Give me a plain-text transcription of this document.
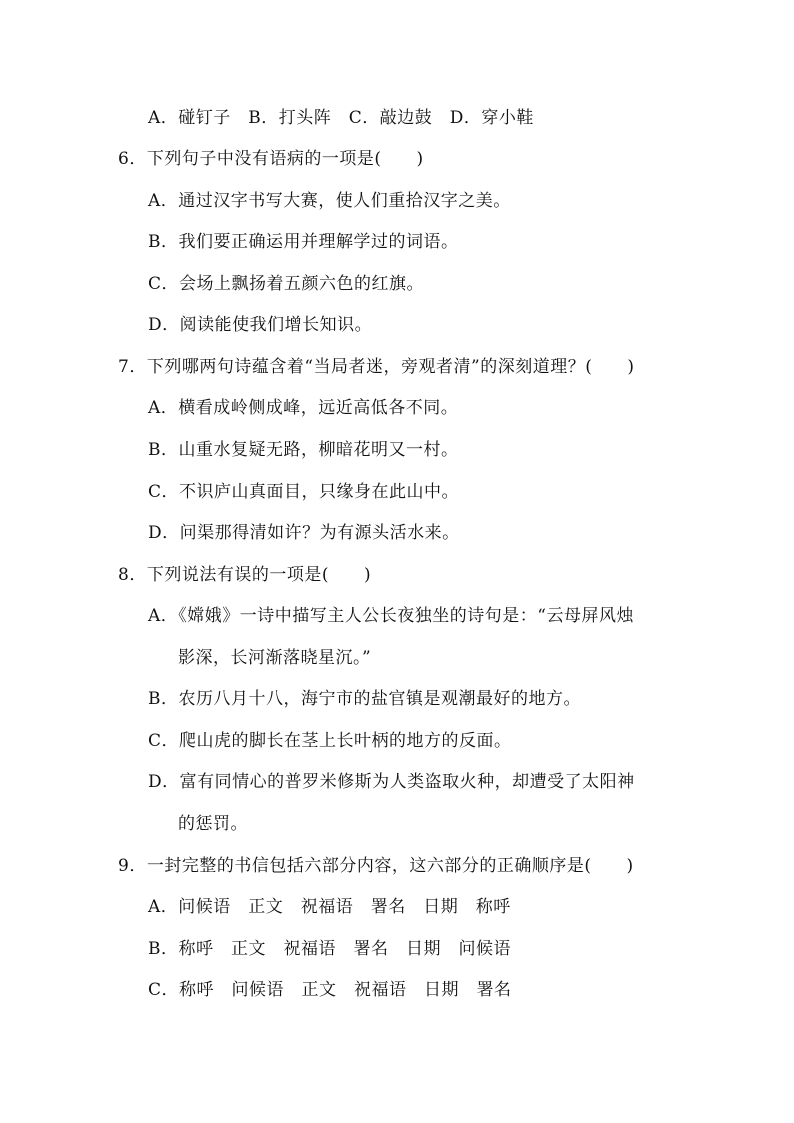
A．碰钉子　B．打头阵　C．敲边鼓　D．穿小鞋
6．下列句子中没有语病的一项是(　　)
A．通过汉字书写大赛，使人们重拾汉字之美。
B．我们要正确运用并理解学过的词语。
C．会场上飘扬着五颜六色的红旗。
D．阅读能使我们增长知识。
7．下列哪两句诗蕴含着“当局者迷，旁观者清”的深刻道理？(　　)
A．横看成岭侧成峰，远近高低各不同。
B．山重水复疑无路，柳暗花明又一村。
C．不识庐山真面目，只缘身在此山中。
D．问渠那得清如许？为有源头活水来。
8．下列说法有误的一项是(　　)
A．《嫦娥》一诗中描写主人公长夜独坐的诗句是：“云母屏风烛
影深，长河渐落晓星沉。”
B．农历八月十八，海宁市的盐官镇是观潮最好的地方。
C．爬山虎的脚长在茎上长叶柄的地方的反面。
D．富有同情心的普罗米修斯为人类盗取火种，却遭受了太阳神
的惩罚。
9．一封完整的书信包括六部分内容，这六部分的正确顺序是(　　)
A．问候语　正文　祝福语　署名　日期　称呼
B．称呼　正文　祝福语　署名　日期　问候语
C．称呼　问候语　正文　祝福语　日期　署名
